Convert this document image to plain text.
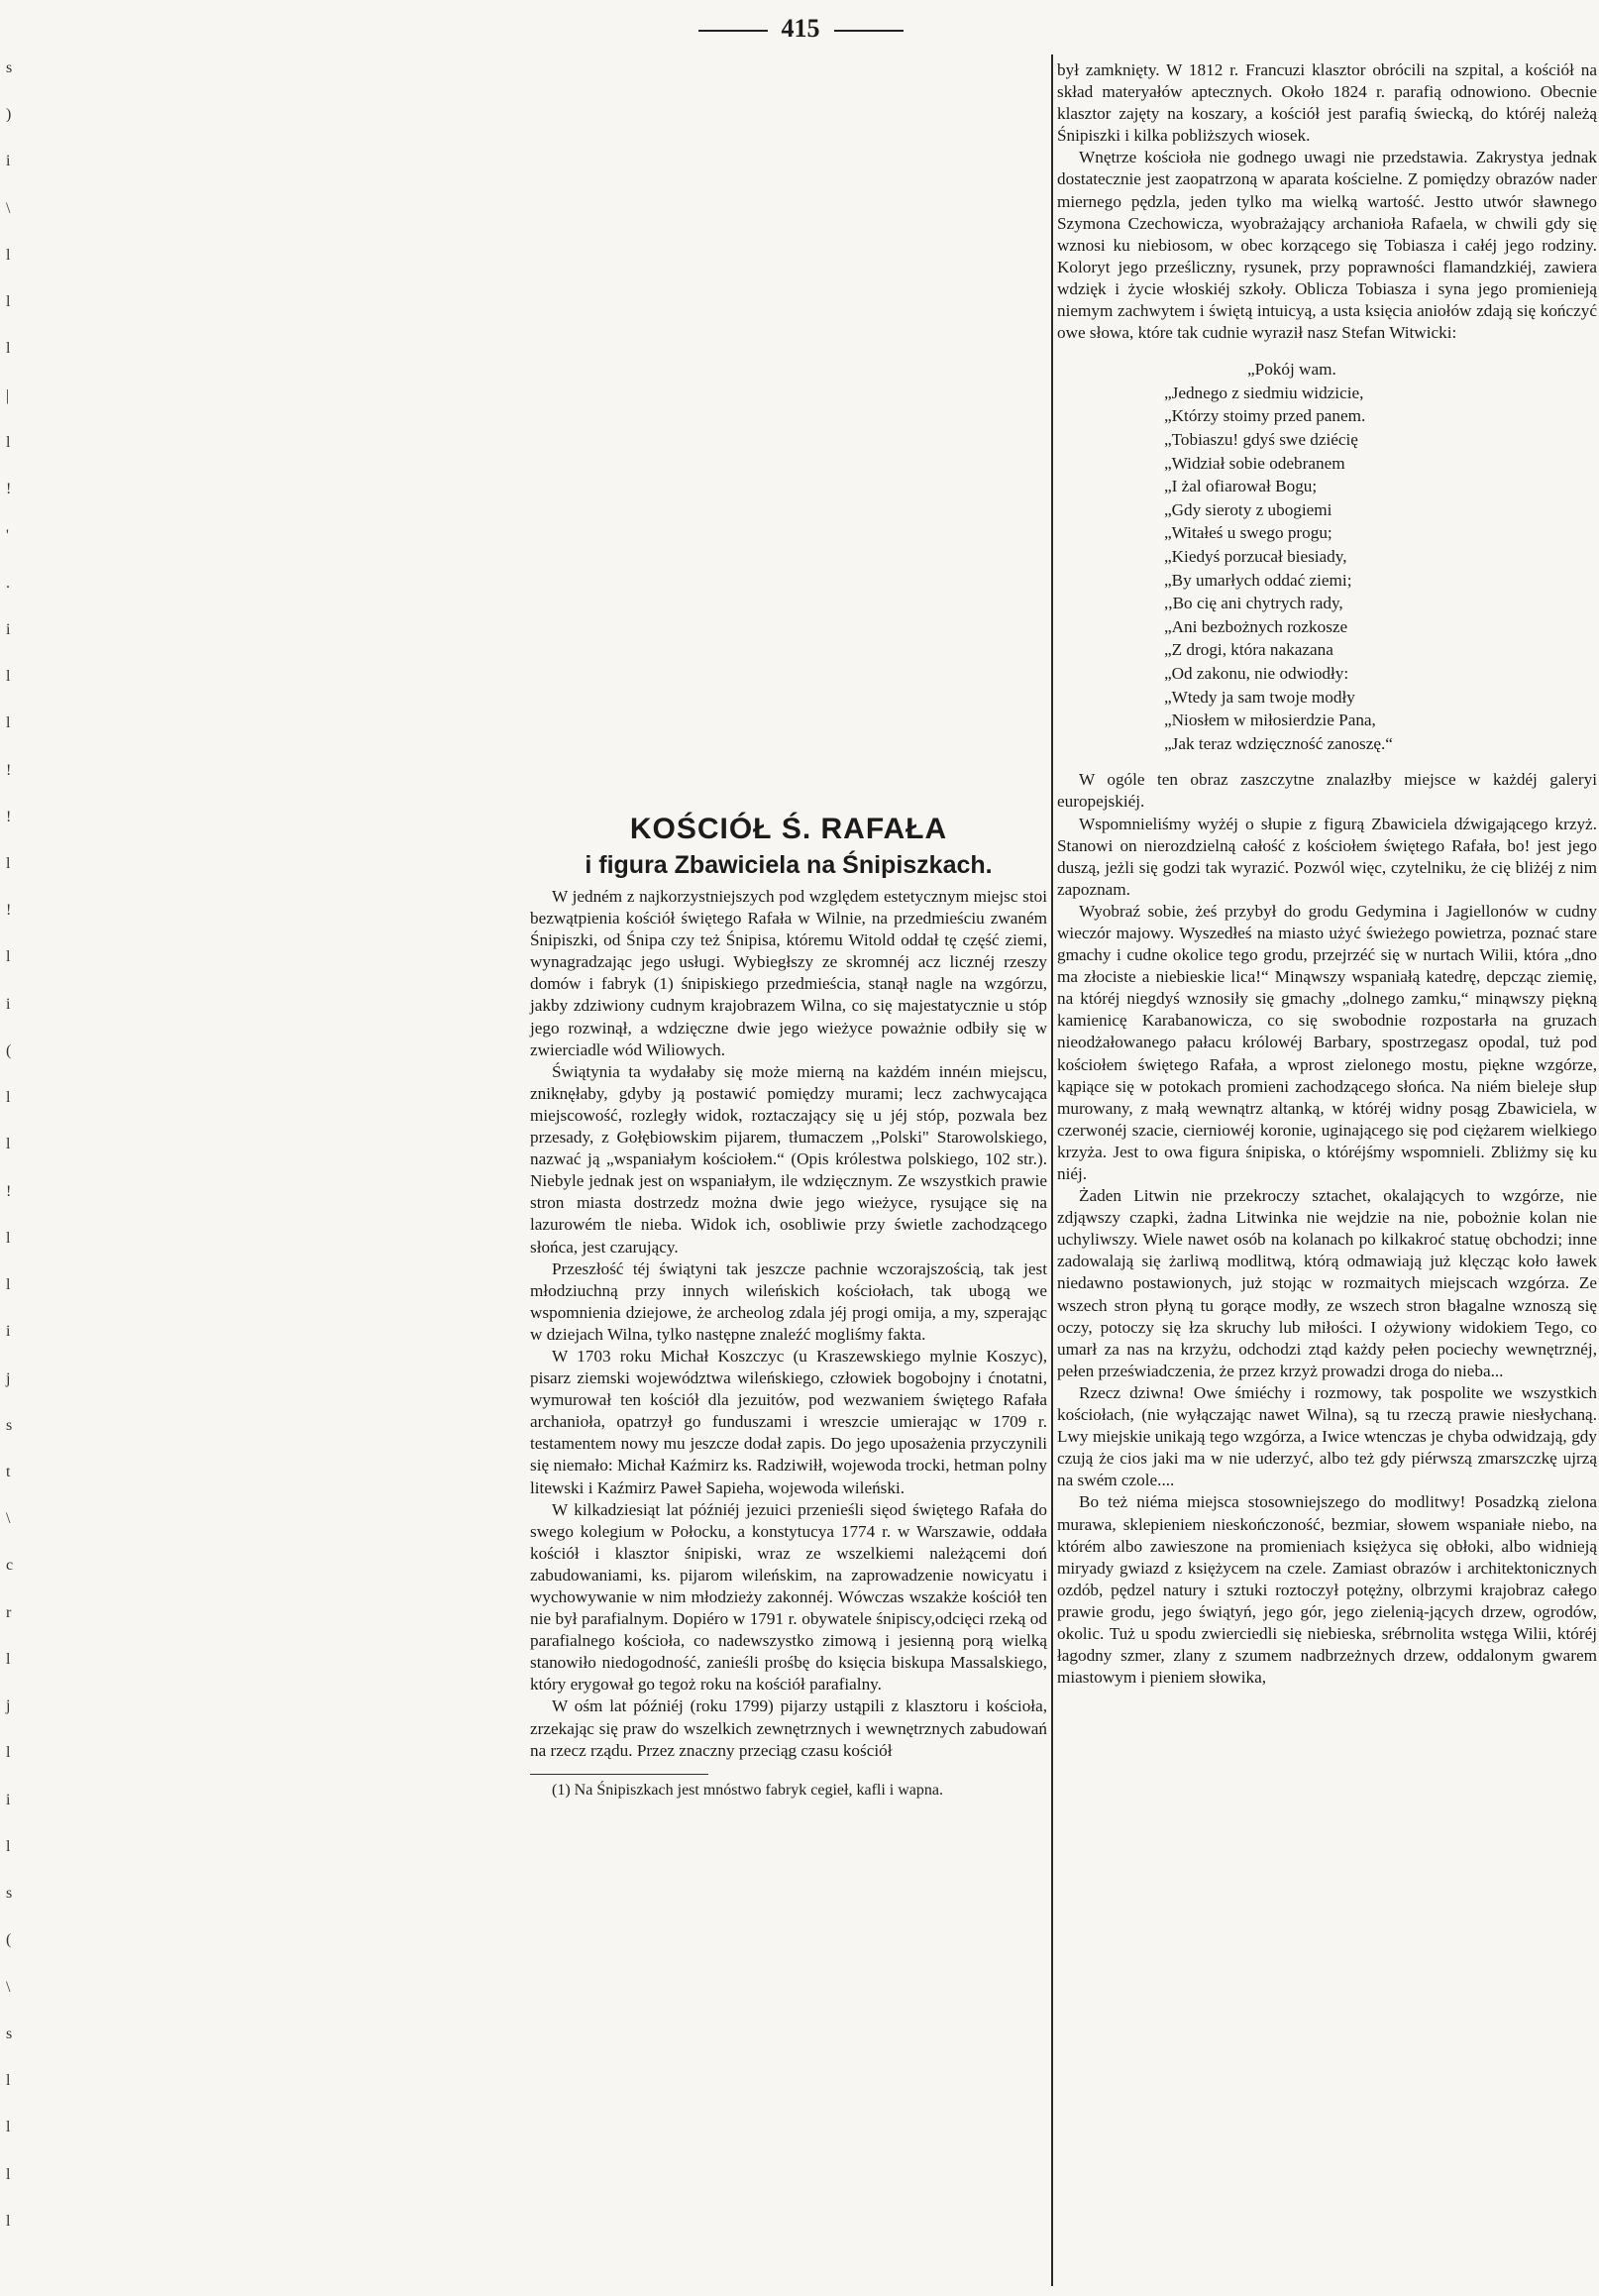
415
s
)
i
\
l
l
l
|
l
!
'
.
i
l
l
!
!
l
!
l
i
(
l
l
!
l
l
i
j
s
t
\
c
r
l
j
l
i
l
s
(
\
s
l
l
l
l
KOŚCIÓŁ Ś. RAFAŁA
i figura Zbawiciela na Śnipiszkach.

W jedném z najkorzystniejszych pod względem estetycznym miejsc stoi bezwątpienia kościół świętego Rafała w Wilnie, na przedmieściu zwaném Śnipiszki, od Śnipa czy też Śnipisa, któremu Witold oddał tę część ziemi, wynagradzając jego usługi. Wybiegłszy ze skromnéj acz licznéj rzeszy domów i fabryk (1) śnipiskiego przedmieścia, stanął nagle na wzgórzu, jakby zdziwiony cudnym krajobrazem Wilna, co się majestatycznie u stóp jego rozwinął, a wdzięczne dwie jego wieżyce poważnie odbiły się w zwierciadle wód Wiliowych.

Świątynia ta wydałaby się może mierną na każdém innéın miejscu, zniknęłaby, gdyby ją postawić pomiędzy murami; lecz zachwycająca miejscowość, rozległy widok, roztaczający się u jéj stóp, pozwala bez przesady, z Gołębiowskim pijarem, tłumaczem ,,Polski" Starowolskiego, nazwać ją „wspaniałym kościołem.“ (Opis królestwa polskiego, 102 str.). Niebyle jednak jest on wspaniałym, ile wdzięcznym. Ze wszystkich prawie stron miasta dostrzedz można dwie jego wieżyce, rysujące się na lazurowém tle nieba. Widok ich, osobliwie przy świetle zachodzącego słońca, jest czarujący.

Przeszłość téj świątyni tak jeszcze pachnie wczorajszością, tak jest młodziuchną przy innych wileńskich kościołach, tak ubogą we wspomnienia dziejowe, że archeolog zdala jéj progi omija, a my, szperając w dziejach Wilna, tylko następne znaleźć mogliśmy fakta.

W 1703 roku Michał Koszczyc (u Kraszewskiego mylnie Koszyc), pisarz ziemski województwa wileńskiego, człowiek bogobojny i ćnotatni, wymurował ten kościół dla jezuitów, pod wezwaniem świętego Rafała archanioła, opatrzył go funduszami i wreszcie umierając w 1709 r. testamentem nowy mu jeszcze dodał zapis. Do jego uposażenia przyczynili się niemało: Michał Kaźmirz ks. Radziwiłł, wojewoda trocki, hetman polny litewski i Kaźmirz Paweł Sapieha, wojewoda wileński.

W kilkadziesiąt lat późniéj jezuici przenieśli sięod świętego Rafała do swego kolegium w Połocku, a konstytucya 1774 r. w Warszawie, oddała kościół i klasztor śnipiski, wraz ze wszelkiemi należącemi doń zabudowaniami, ks. pijarom wileńskim, na zaprowadzenie nowicyatu i wychowywanie w nim młodzieży zakonnéj. Wówczas wszakże kościół ten nie był parafialnym. Dopiéro w 1791 r. obywatele śnipiscy,odcięci rzeką od parafialnego kościoła, co nadewszystko zimową i jesienną porą wielką stanowiło niedogodność, zanieśli prośbę do księcia biskupa Massalskiego, który erygował go tegoż roku na kościół parafialny.

W ośm lat późniéj (roku 1799) pijarzy ustąpili z klasztoru i kościoła, zrzekając się praw do wszelkich zewnętrznych i wewnętrznych zabudowań na rzecz rządu. Przez znaczny przeciąg czasu kościół

(1) Na Śnipiszkach jest mnóstwo fabryk cegieł, kafli i wapna.

był zamknięty. W 1812 r. Francuzi klasztor obrócili na szpital, a kościół na skład materyałów aptecznych. Około 1824 r. parafią odnowiono. Obecnie klasztor zajęty na koszary, a kościół jest parafią świecką, do któréj należą Śnipiszki i kilka pobliższych wiosek.

Wnętrze kościoła nie godnego uwagi nie przedstawia. Zakrystya jednak dostatecznie jest zaopatrzoną w aparata kościelne. Z pomiędzy obrazów nader miernego pędzla, jeden tylko ma wielką wartość. Jestto utwór sławnego Szymona Czechowicza, wyobrażający archanioła Rafaela, w chwili gdy się wznosi ku niebiosom, w obec korzącego się Tobiasza i całéj jego rodziny. Koloryt jego prześliczny, rysunek, przy poprawności flamandzkiéj, zawiera wdzięk i życie włoskiéj szkoły. Oblicza Tobiasza i syna jego promienieją niemym zachwytem i świętą intuicyą, a usta księcia aniołów zdają się kończyć owe słowa, które tak cudnie wyraził nasz Stefan Witwicki:

„Pokój wam.
„Jednego z siedmiu widzicie,
„Którzy stoimy przed panem.
„Tobiaszu! gdyś swe dziécię
„Widział sobie odebranem
„I żal ofiarował Bogu;
„Gdy sieroty z ubogiemi
„Witałeś u swego progu;
„Kiedyś porzucał biesiady,
„By umarłych oddać ziemi;
,,Bo cię ani chytrych rady,
„Ani bezbożnych rozkosze
„Z drogi, która nakazana
„Od zakonu, nie odwiodły:
„Wtedy ja sam twoje modły
„Niosłem w miłosierdzie Pana,
„Jak teraz wdzięczność zanoszę.“

W ogóle ten obraz zaszczytne znalazłby miejsce w każdéj galeryi europejskiéj.

Wspomnieliśmy wyżéj o słupie z figurą Zbawiciela dźwigającego krzyż. Stanowi on nierozdzielną całość z kościołem świętego Rafała, bo! jest jego duszą, jeżli się godzi tak wyrazić. Pozwól więc, czytelniku, że cię bliżéj z nim zapoznam.

Wyobraź sobie, żeś przybył do grodu Gedymina i Jagiellonów w cudny wieczór majowy. Wyszedłeś na miasto użyć świeżego powietrza, poznać stare gmachy i cudne okolice tego grodu, przejrzéć się w nurtach Wilii, która „dno ma złociste a niebieskie lica!“ Minąwszy wspaniałą katedrę, depcząc ziemię, na któréj niegdyś wznosiły się gmachy „dolnego zamku,“ minąwszy piękną kamienicę Karabanowicza, co się swobodnie rozpostarła na gruzach nieodżałowanego pałacu królowéj Barbary, spostrzegasz opodal, tuż pod kościołem świętego Rafała, a wprost zielonego mostu, piękne wzgórze, kąpiące się w potokach promieni zachodzącego słońca. Na niém bieleje słup murowany, z małą wewnątrz altanką, w któréj widny posąg Zbawiciela, w czerwonéj szacie, cierniowéj koronie, uginającego się pod ciężarem wielkiego krzyża. Jest to owa figura śnipiska, o któréjśmy wspomnieli. Zbliżmy się ku niéj.

Żaden Litwin nie przekroczy sztachet, okalających to wzgórze, nie zdjąwszy czapki, żadna Litwinka nie wejdzie na nie, pobożnie kolan nie uchyliwszy. Wiele nawet osób na kolanach po kilkakroć statuę obchodzi; inne zadowalają się żarliwą modlitwą, którą odmawiają już klęcząc koło ławek niedawno postawionych, już stojąc w rozmaitych miejscach wzgórza. Ze wszech stron płyną tu gorące modły, ze wszech stron błagalne wznoszą się oczy, potoczy się łza skruchy lub miłości. I ożywiony widokiem Tego, co umarł za nas na krzyżu, odchodzi ztąd każdy pełen pociechy wewnętrznéj, pełen przeświadczenia, że przez krzyż prowadzi droga do nieba...

Rzecz dziwna! Owe śmiéchy i rozmowy, tak pospolite we wszystkich kościołach, (nie wyłączając nawet Wilna), są tu rzeczą prawie niesłychaną. Lwy miejskie unikają tego wzgórza, a Iwice wtenczas je chyba odwidzają, gdy czują że cios jaki ma w nie uderzyć, albo też gdy piérwszą zmarszczkę ujrzą na swém czole....

Bo też niéma miejsca stosowniejszego do modlitwy! Posadzką zielona murawa, sklepieniem nieskończoność, bezmiar, słowem wspaniałe niebo, na którém albo zawieszone na promieniach księżyca się obłoki, albo widnieją miryady gwiazd z księżycem na czele. Zamiast obrazów i architektonicznych ozdób, pędzel natury i sztuki roztoczył potężny, olbrzymi krajobraz całego prawie grodu, jego świątyń, jego gór, jego zielenią-jących drzew, ogrodów, okolic. Tuż u spodu zwierciedli się niebieska, srébrnolita wstęga Wilii, któréj łagodny szmer, zlany z szumem nadbrzeżnych drzew, oddalonym gwarem miastowym i pieniem słowika,
